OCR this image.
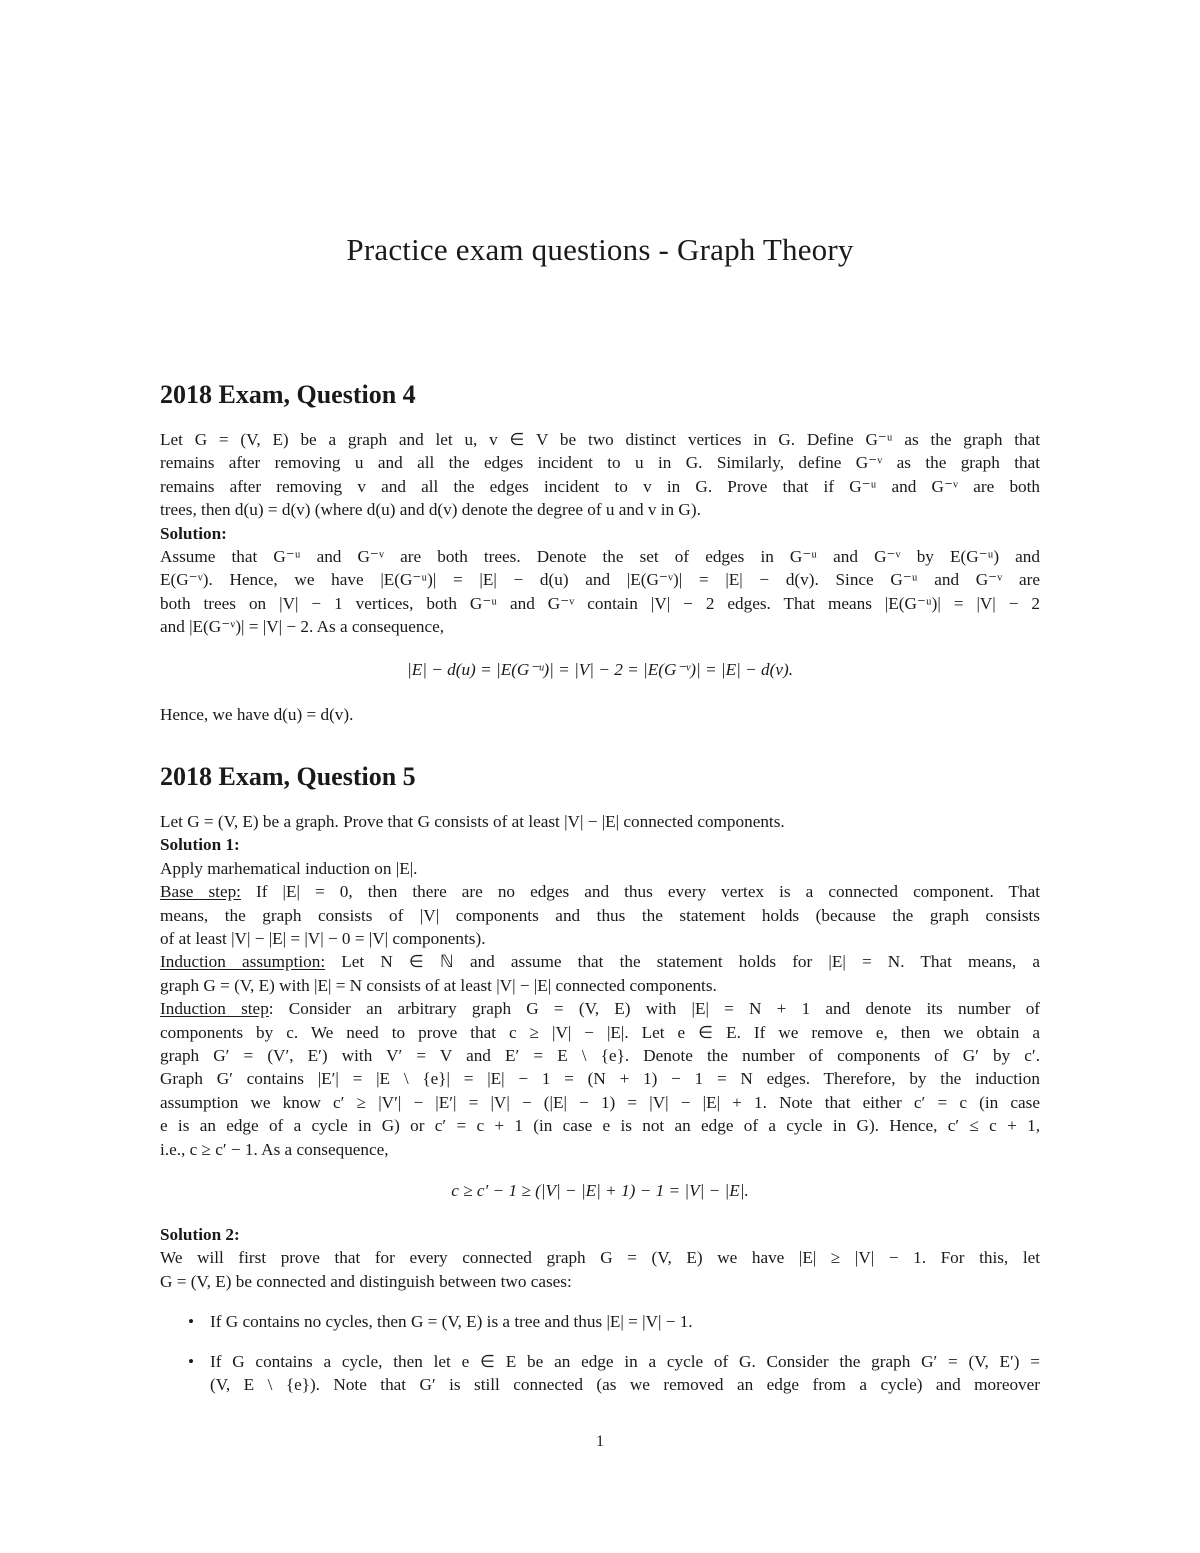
Practice exam questions - Graph Theory
2018 Exam, Question 4
Let G = (V, E) be a graph and let u, v ∈ V be two distinct vertices in G. Define G⁻ᵘ as the graph that
remains after removing u and all the edges incident to u in G. Similarly, define G⁻ᵛ as the graph that
remains after removing v and all the edges incident to v in G. Prove that if G⁻ᵘ and G⁻ᵛ are both
trees, then d(u) = d(v) (where d(u) and d(v) denote the degree of u and v in G).
Solution:
Assume that G⁻ᵘ and G⁻ᵛ are both trees. Denote the set of edges in G⁻ᵘ and G⁻ᵛ by E(G⁻ᵘ) and
E(G⁻ᵛ). Hence, we have |E(G⁻ᵘ)| = |E| − d(u) and |E(G⁻ᵛ)| = |E| − d(v). Since G⁻ᵘ and G⁻ᵛ are
both trees on |V| − 1 vertices, both G⁻ᵘ and G⁻ᵛ contain |V| − 2 edges. That means |E(G⁻ᵘ)| = |V| − 2
and |E(G⁻ᵛ)| = |V| − 2. As a consequence,
|E| − d(u) = |E(G⁻ᵘ)| = |V| − 2 = |E(G⁻ᵛ)| = |E| − d(v).
Hence, we have d(u) = d(v).
2018 Exam, Question 5
Let G = (V, E) be a graph. Prove that G consists of at least |V| − |E| connected components.
Solution 1:
Apply marhematical induction on |E|.
Base step: If |E| = 0, then there are no edges and thus every vertex is a connected component. That
means, the graph consists of |V| components and thus the statement holds (because the graph consists
of at least |V| − |E| = |V| − 0 = |V| components).
Induction assumption: Let N ∈ ℕ and assume that the statement holds for |E| = N. That means, a
graph G = (V, E) with |E| = N consists of at least |V| − |E| connected components.
Induction step: Consider an arbitrary graph G = (V, E) with |E| = N + 1 and denote its number of
components by c. We need to prove that c ≥ |V| − |E|. Let e ∈ E. If we remove e, then we obtain a
graph G′ = (V′, E′) with V′ = V and E′ = E \ {e}. Denote the number of components of G′ by c′.
Graph G′ contains |E′| = |E \ {e}| = |E| − 1 = (N + 1) − 1 = N edges. Therefore, by the induction
assumption we know c′ ≥ |V′| − |E′| = |V| − (|E| − 1) = |V| − |E| + 1. Note that either c′ = c (in case
e is an edge of a cycle in G) or c′ = c + 1 (in case e is not an edge of a cycle in G). Hence, c′ ≤ c + 1,
i.e., c ≥ c′ − 1. As a consequence,
c ≥ c′ − 1 ≥ (|V| − |E| + 1) − 1 = |V| − |E|.
Solution 2:
We will first prove that for every connected graph G = (V, E) we have |E| ≥ |V| − 1. For this, let
G = (V, E) be connected and distinguish between two cases:
• If G contains no cycles, then G = (V, E) is a tree and thus |E| = |V| − 1.
• If G contains a cycle, then let e ∈ E be an edge in a cycle of G. Consider the graph G′ = (V, E′) =
(V, E \ {e}). Note that G′ is still connected (as we removed an edge from a cycle) and moreover
1
